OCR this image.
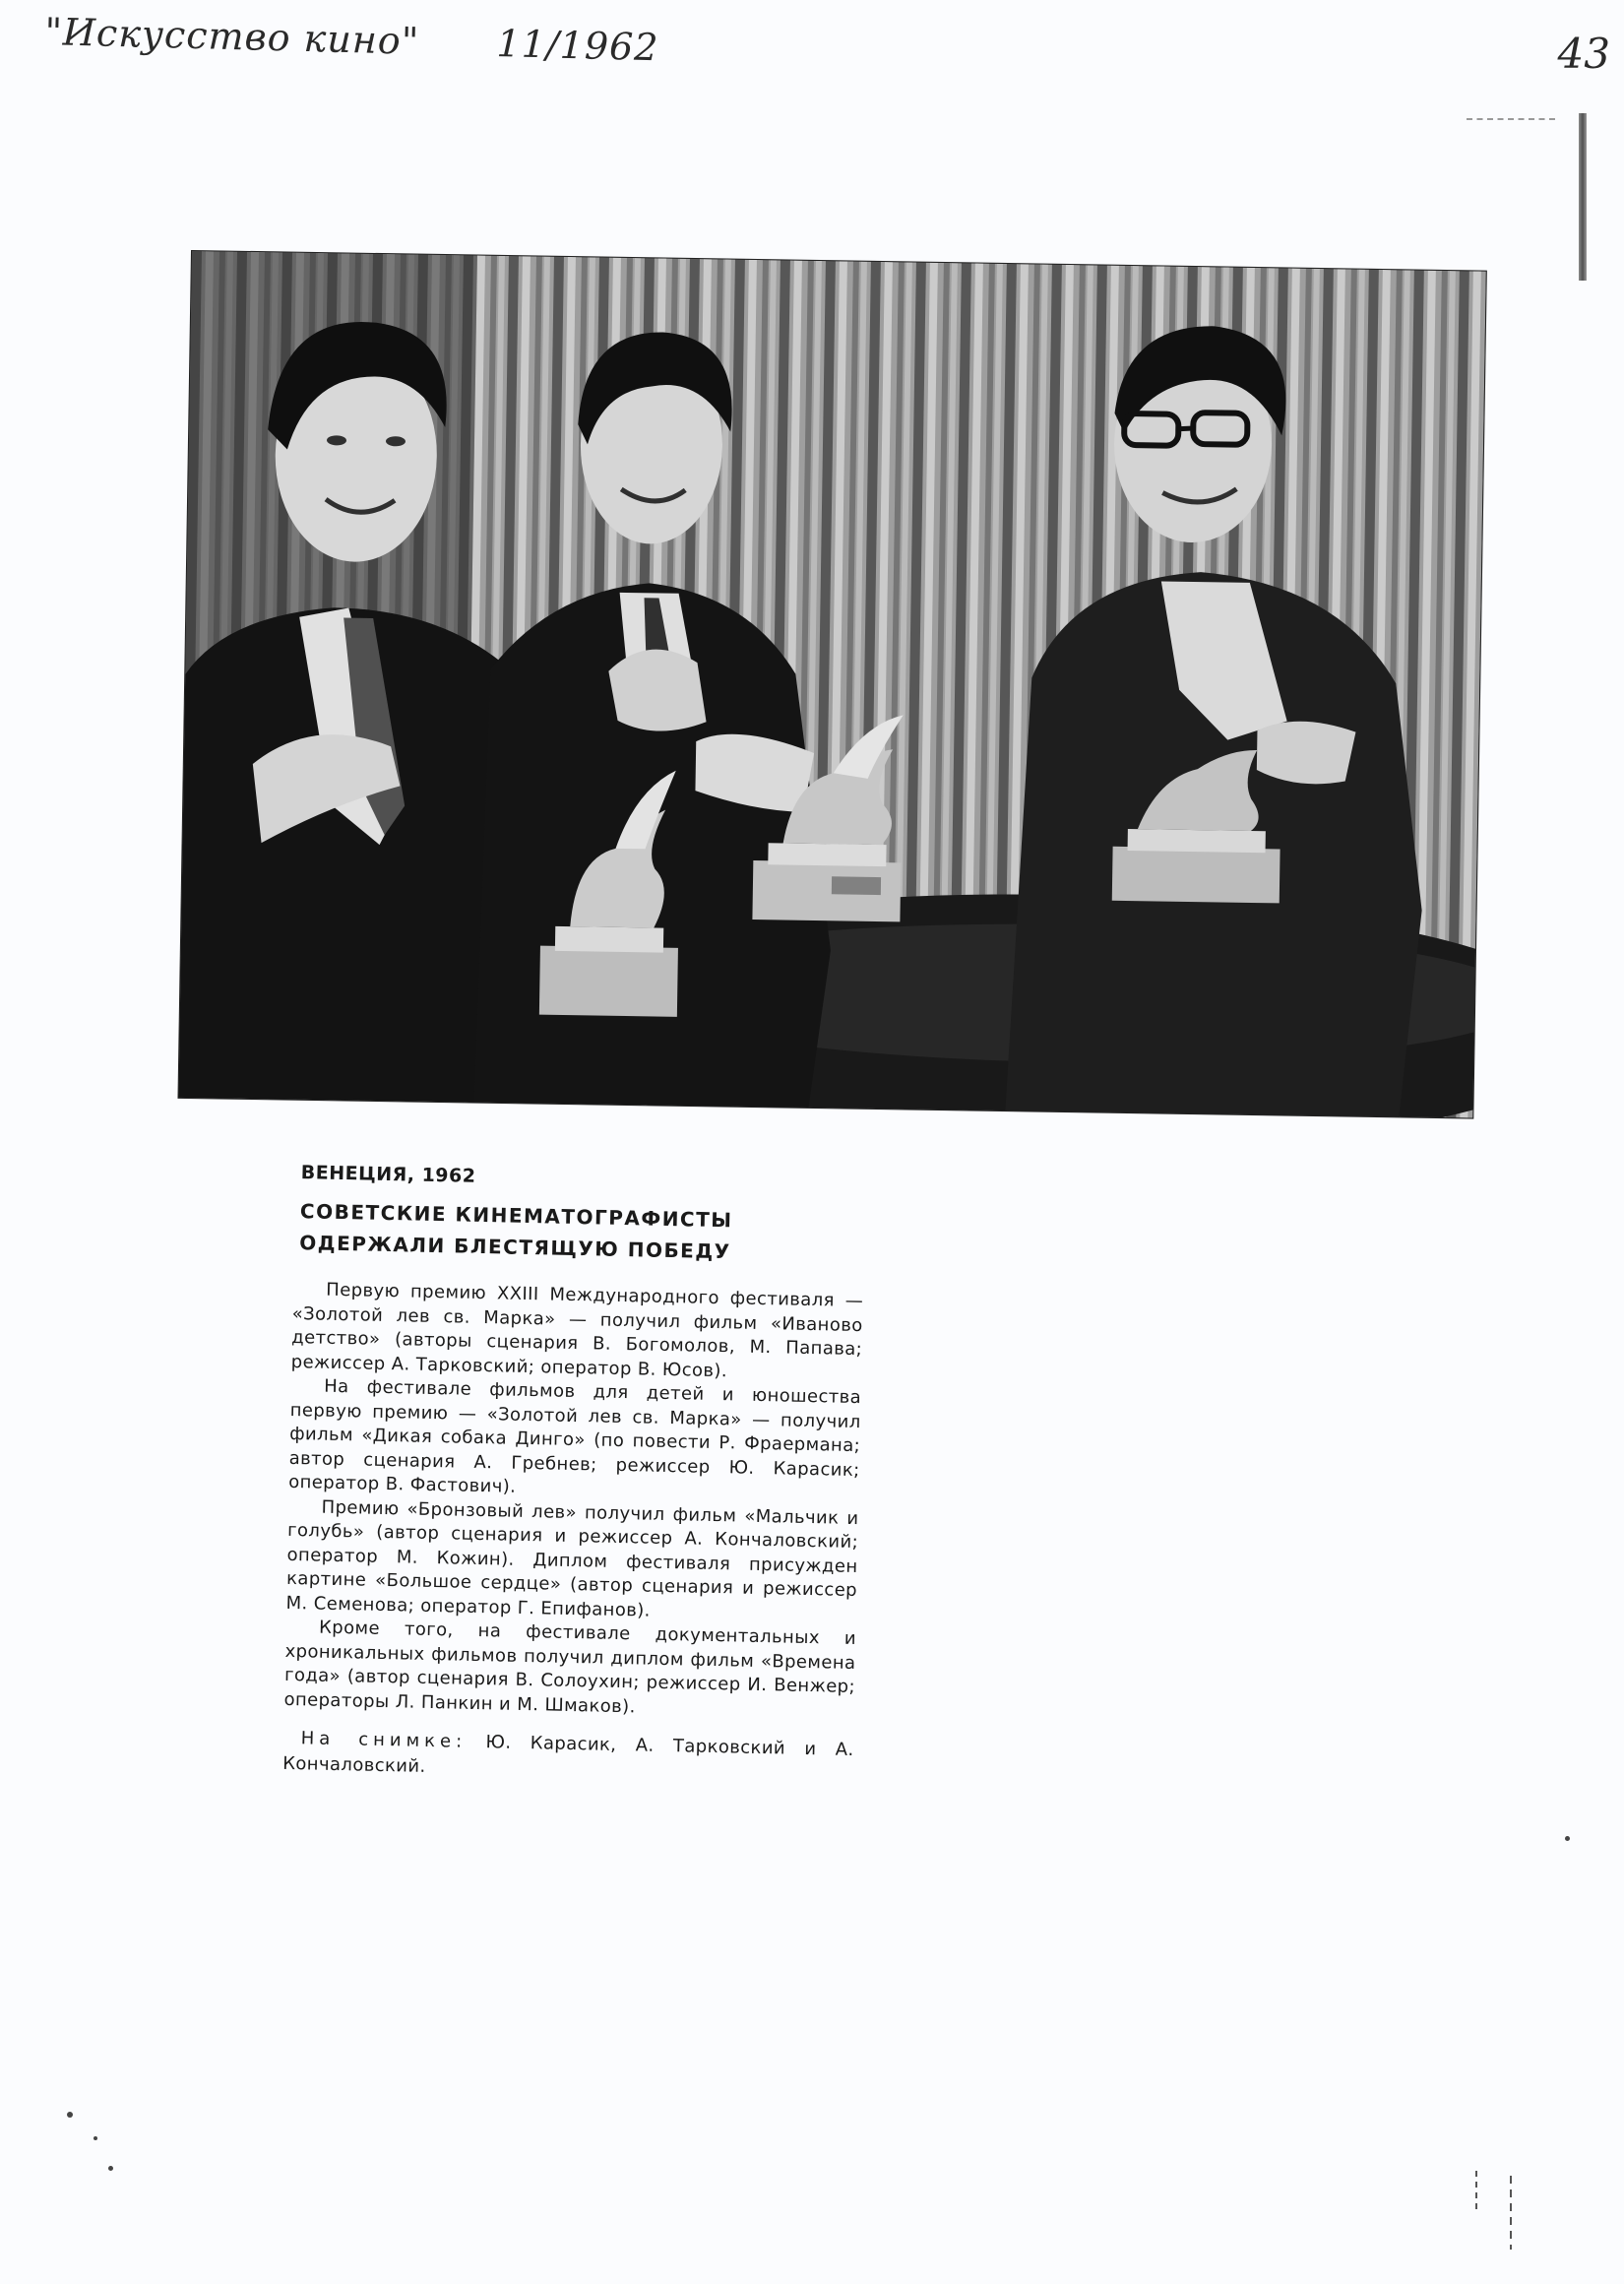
"Искусство кино" 11/1962	43
ВЕНЕЦИЯ, 1962
СОВЕТСКИЕ КИНЕМАТОГРАФИСТЫ
ОДЕРЖАЛИ БЛЕСТЯЩУЮ ПОБЕДУ

Первую премию XXIII Международного фестиваля — «Золотой лев св. Марка» — получил фильм «Иваново детство» (авторы сценария В. Богомолов, М. Папава; режиссер А. Тарковский; оператор В. Юсов).

На фестивале фильмов для детей и юношества первую премию — «Золотой лев св. Марка» — получил фильм «Дикая собака Динго» (по повести Р. Фраермана; автор сценария А. Гребнев; режиссер Ю. Карасик; оператор В. Фастович).

Премию «Бронзовый лев» получил фильм «Мальчик и голубь» (автор сценария и режиссер А. Кончаловский; оператор М. Кожин). Диплом фестиваля присужден картине «Большое сердце» (автор сценария и режиссер М. Семенова; оператор Г. Епифанов).

Кроме того, на фестивале документальных и хроникальных фильмов получил диплом фильм «Времена года» (автор сценария В. Солоухин; режиссер И. Венжер; операторы Л. Панкин и М. Шмаков).

На снимке: Ю. Карасик, А. Тарковский и А. Кончаловский.
